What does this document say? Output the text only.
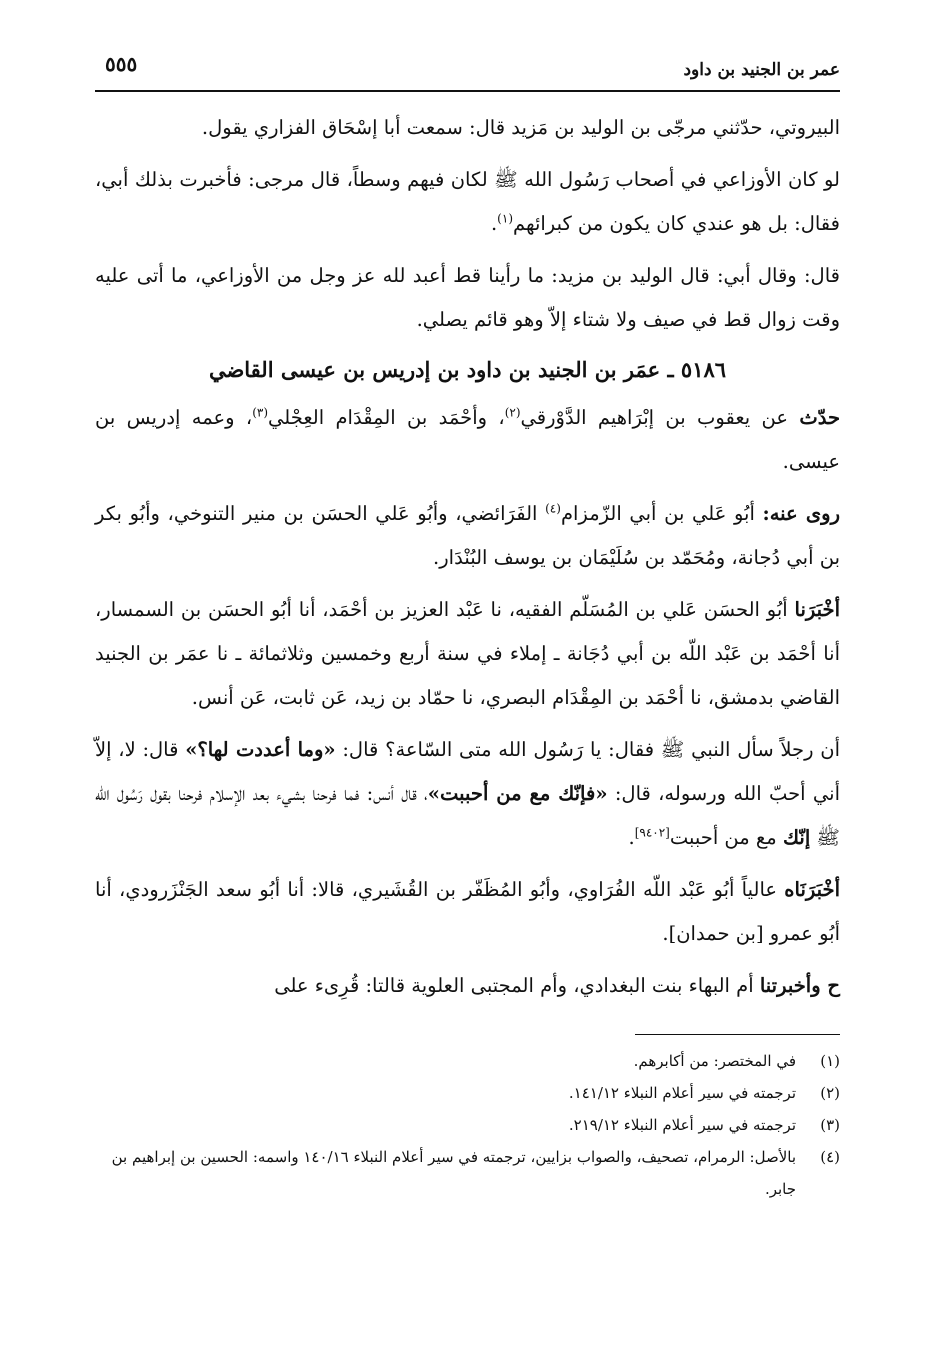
عمر بن الجنيد بن داود
٥٥٥

البيروتي، حدّثني مرجّى بن الوليد بن مَزيد قال: سمعت أبا إسْحَاق الفزاري يقول.

لو كان الأوزاعي في أصحاب رَسُول الله ﷺ لكان فيهم وسطاً، قال مرجى: فأخبرت بذلك أبي، فقال: بل هو عندي كان يكون من كبرائهم$^{(١)}$.

قال: وقال أبي: قال الوليد بن مزيد: ما رأينا قط أعبد لله عز وجل من الأوزاعي، ما أتى عليه وقت زوال قط في صيف ولا شتاء إلاّ وهو قائم يصلي.

٥١٨٦ ـ عمَر بن الجنيد بن داود بن إدريس بن عيسى القاضي

حدّث عن يعقوب بن إبْرَاهيم الدَّوْرقي$^{(٢)}$، وأحْمَد بن المِقْدَام العِجْلي$^{(٣)}$، وعمه إدريس بن عيسى.

روى عنه: أبُو عَلي بن أبي الزّمزام$^{(٤)}$ الفَرَائضي، وأبُو عَلي الحسَن بن منير التنوخي، وأبُو بكر بن أبي دُجانة، ومُحَمّد بن سُلَيْمَان بن يوسف البُنْدَار.

أخْبَرَنا أبُو الحسَن عَلي بن المُسَلّم الفقيه، نا عَبْد العزيز بن أحْمَد، أنا أبُو الحسَن بن السمسار، أنا أحْمَد بن عَبْد اللّه بن أبي دُجَانة ـ إملاء في سنة أربع وخمسين وثلاثمائة ـ نا عمَر بن الجنيد القاضي بدمشق، نا أحْمَد بن المِقْدَام البصري، نا حمّاد بن زيد، عَن ثابت، عَن أنس.

أن رجلاً سأل النبي ﷺ فقال: يا رَسُول الله متى السّاعة؟ قال: «وما أعددت لها؟» قال: لا، إلاّ أني أحبّ الله ورسوله، قال: «فإنّك مع من أحببت»، قال أنس: فما فرحنا بشيء بعد الإسلام فرحنا بقول رَسُول الله ﷺ إنّك مع من أحببت[٩٤٠٢].

أخْبَرَنَاه عالياً أبُو عَبْد اللّه الفُرَاوي، وأبُو المُظَفّر بن القُشَيري، قالا: أنا أبُو سعد الجَنْزَرودي، أنا أبُو عمرو [بن حمدان].

ح وأخبرتنا أم البهاء بنت البغدادي، وأم المجتبى العلوية قالتا: قُرِىء على

(١)
في المختصر: من أكابرهم.
(٢)
ترجمته في سير أعلام النبلاء ١٤١/١٢.
(٣)
ترجمته في سير أعلام النبلاء ٢١٩/١٢.
(٤)
بالأصل: الرمرام، تصحيف، والصواب بزايين، ترجمته في سير أعلام النبلاء ١٤٠/١٦ واسمه: الحسين بن إبراهيم بن جابر.
